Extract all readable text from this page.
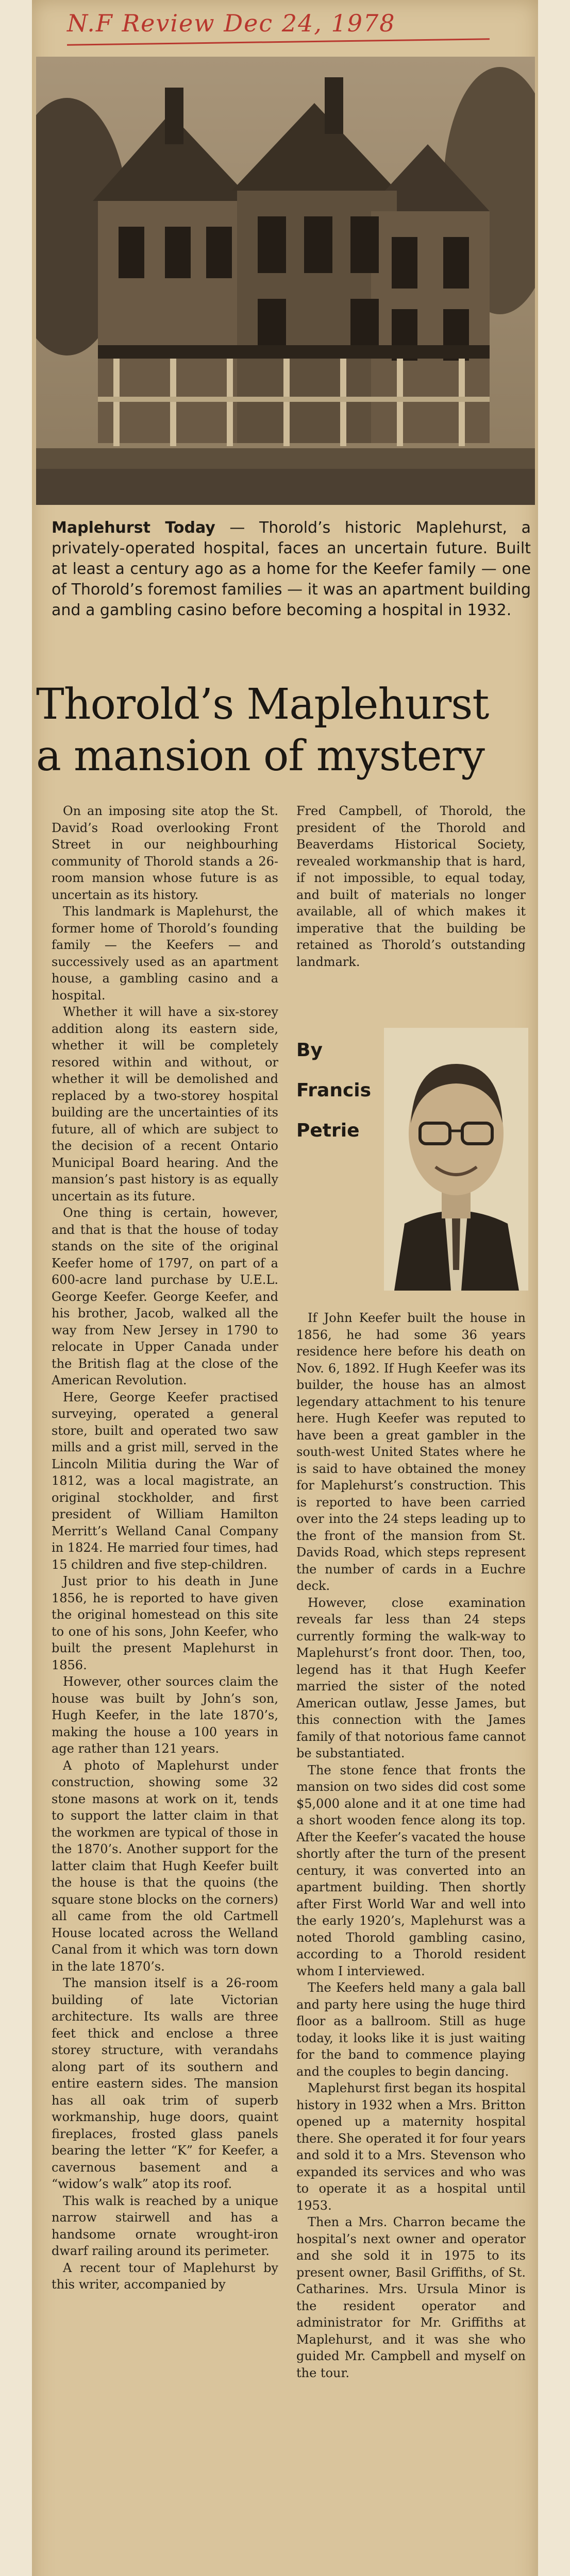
N.F Review Dec 24, 1978
Maplehurst Today — Thorold’s historic Maplehurst, a privately-operated hospital, faces an uncertain future. Built at least a century ago as a home for the Keefer family — one of Thorold’s foremost families — it was an apartment building and a gambling casino before becoming a hospital in 1932.
Thorold’s Maplehurst
a mansion of mystery

On an imposing site atop the St. David’s Road overlooking Front Street in our neighbourhing community of Thorold stands a 26-room mansion whose future is as uncertain as its history.

This landmark is Maplehurst, the former home of Thorold’s founding family — the Keefers — and successively used as an apartment house, a gambling casino and a hospital.

Whether it will have a six-storey addition along its eastern side, whether it will be completely resored within and without, or whether it will be demolished and replaced by a two-storey hospital building are the uncertainties of its future, all of which are subject to the decision of a recent Ontario Municipal Board hearing. And the mansion’s past history is as equally uncertain as its future.

One thing is certain, however, and that is that the house of today stands on the site of the original Keefer home of 1797, on part of a 600-acre land purchase by U.E.L. George Keefer. George Keefer, and his brother, Jacob, walked all the way from New Jersey in 1790 to relocate in Upper Canada under the British flag at the close of the American Revolution.

Here, George Keefer practised surveying, operated a general store, built and operated two saw mills and a grist mill, served in the Lincoln Militia during the War of 1812, was a local magistrate, an original stockholder, and first president of William Hamilton Merritt’s Welland Canal Company in 1824. He married four times, had 15 children and five step-children.

Just prior to his death in June 1856, he is reported to have given the original homestead on this site to one of his sons, John Keefer, who built the present Maplehurst in 1856.

However, other sources claim the house was built by John’s son, Hugh Keefer, in the late 1870’s, making the house a 100 years in age rather than 121 years.

A photo of Maplehurst under construction, showing some 32 stone masons at work on it, tends to support the latter claim in that the workmen are typical of those in the 1870’s. Another support for the latter claim that Hugh Keefer built the house is that the quoins (the square stone blocks on the corners) all came from the old Cartmell House located across the Welland Canal from it which was torn down in the late 1870’s.

The mansion itself is a 26-room building of late Victorian architecture. Its walls are three feet thick and enclose a three storey structure, with verandahs along part of its southern and entire eastern sides. The mansion has all oak trim of superb workmanship, huge doors, quaint fireplaces, frosted glass panels bearing the letter “K” for Keefer, a cavernous basement and a “widow’s walk” atop its roof.

This walk is reached by a unique narrow stairwell and has a handsome ornate wrought-iron dwarf railing around its perimeter.

A recent tour of Maplehurst by this writer, accompanied by

Fred Campbell, of Thorold, the president of the Thorold and Beaverdams Historical Society, revealed workmanship that is hard, if not impossible, to equal today, and built of materials no longer available, all of which makes it imperative that the building be retained as Thorold’s outstanding landmark.

By
Francis
Petrie

If John Keefer built the house in 1856, he had some 36 years residence here before his death on Nov. 6, 1892. If Hugh Keefer was its builder, the house has an almost legendary attachment to his tenure here. Hugh Keefer was reputed to have been a great gambler in the south-west United States where he is said to have obtained the money for Maplehurst’s construction. This is reported to have been carried over into the 24 steps leading up to the front of the mansion from St. Davids Road, which steps represent the number of cards in a Euchre deck.

However, close examination reveals far less than 24 steps currently forming the walk-way to Maplehurst’s front door. Then, too, legend has it that Hugh Keefer married the sister of the noted American outlaw, Jesse James, but this connection with the James family of that notorious fame cannot be substantiated.

The stone fence that fronts the mansion on two sides did cost some $5,000 alone and it at one time had a short wooden fence along its top. After the Keefer’s vacated the house shortly after the turn of the present century, it was converted into an apartment building. Then shortly after First World War and well into the early 1920’s, Maplehurst was a noted Thorold gambling casino, according to a Thorold resident whom I interviewed.

The Keefers held many a gala ball and party here using the huge third floor as a ballroom. Still as huge today, it looks like it is just waiting for the band to commence playing and the couples to begin dancing.

Maplehurst first began its hospital history in 1932 when a Mrs. Britton opened up a maternity hospital there. She operated it for four years and sold it to a Mrs. Stevenson who expanded its services and who was to operate it as a hospital until 1953.

Then a Mrs. Charron became the hospital’s next owner and operator and she sold it in 1975 to its present owner, Basil Griffiths, of St. Catharines. Mrs. Ursula Minor is the resident operator and administrator for Mr. Griffiths at Maplehurst, and it was she who guided Mr. Campbell and myself on the tour.
